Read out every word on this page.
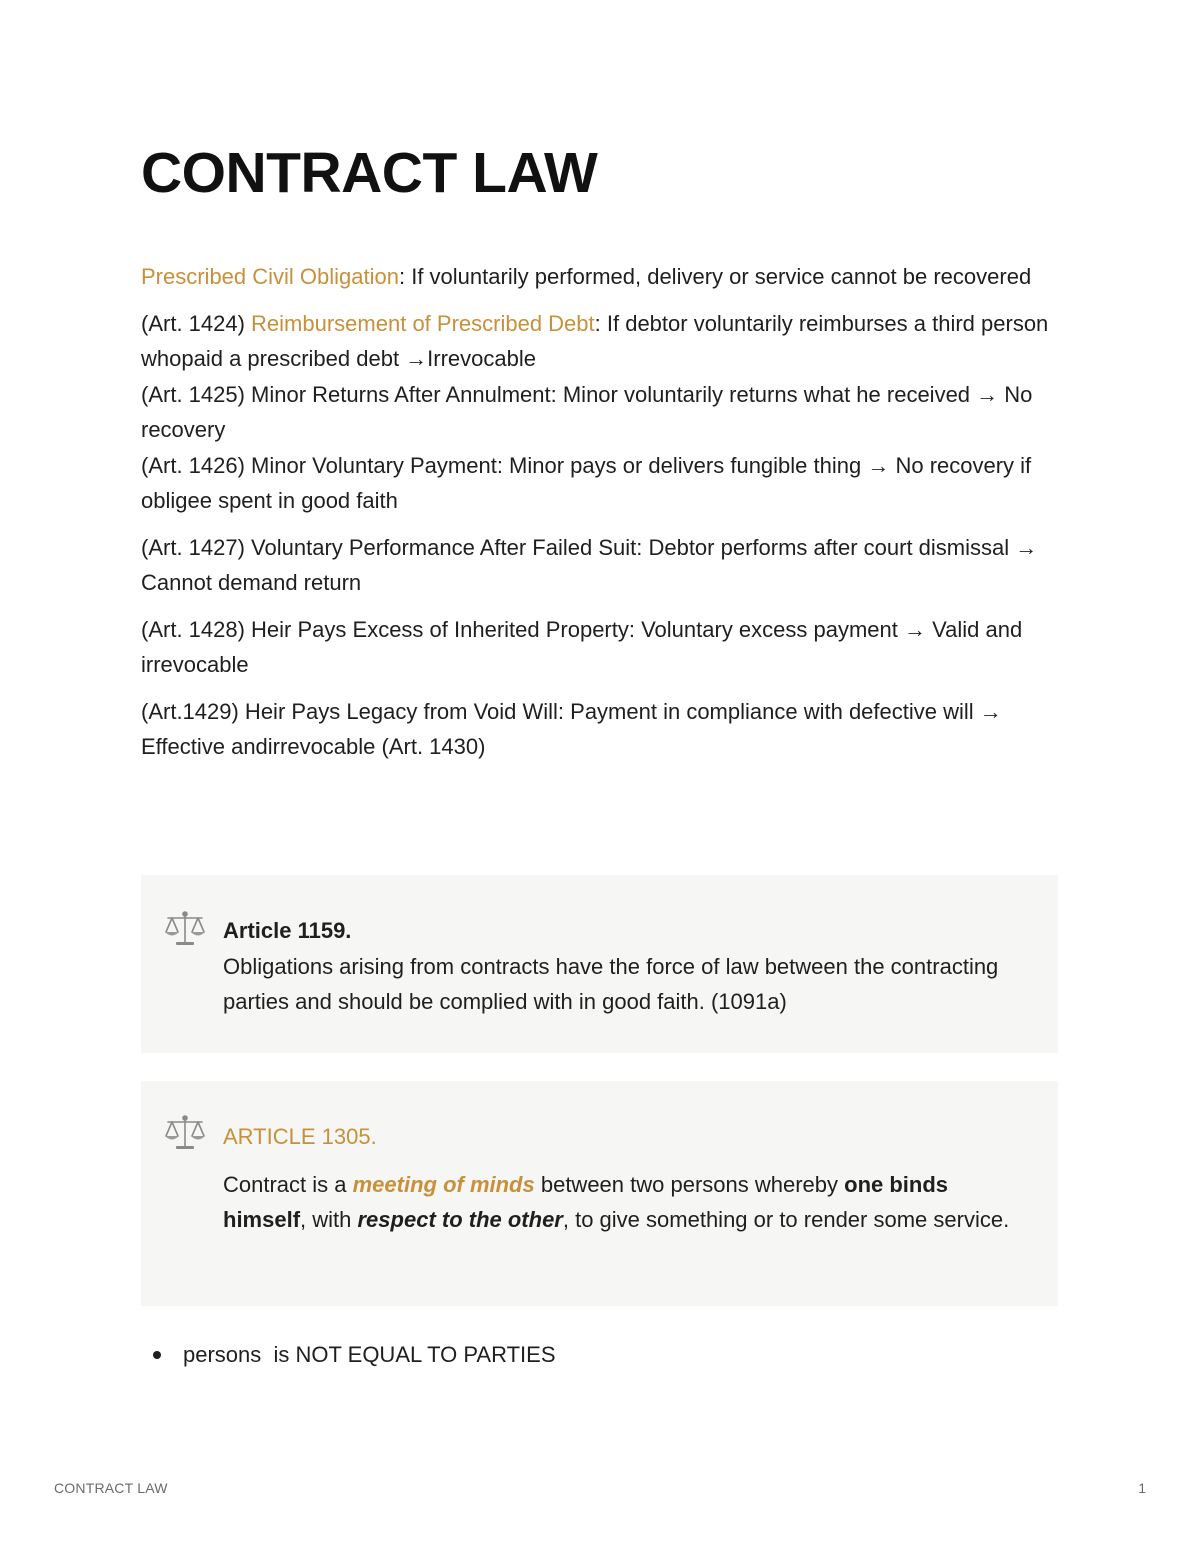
CONTRACT LAW

Prescribed Civil Obligation: If voluntarily performed, delivery or service cannot be recovered

(Art. 1424) Reimbursement of Prescribed Debt: If debtor voluntarily reimburses a third person whopaid a prescribed debt →Irrevocable

(Art. 1425) Minor Returns After Annulment: Minor voluntarily returns what he received → No recovery

(Art. 1426) Minor Voluntary Payment: Minor pays or delivers fungible thing → No recovery if obligee spent in good faith

(Art. 1427) Voluntary Performance After Failed Suit: Debtor performs after court dismissal → Cannot demand return

(Art. 1428) Heir Pays Excess of Inherited Property: Voluntary excess payment → Valid and irrevocable

(Art.1429) Heir Pays Legacy from Void Will: Payment in compliance with defective will → Effective andirrevocable (Art. 1430)

Article 1159.

Obligations arising from contracts have the force of law between the contracting parties and should be complied with in good faith. (1091a)

ARTICLE 1305.

Contract is a meeting of minds between two persons whereby one binds himself, with respect to the other, to give something or to render some service.

persons  is NOT EQUAL TO PARTIES
CONTRACT LAW	1
